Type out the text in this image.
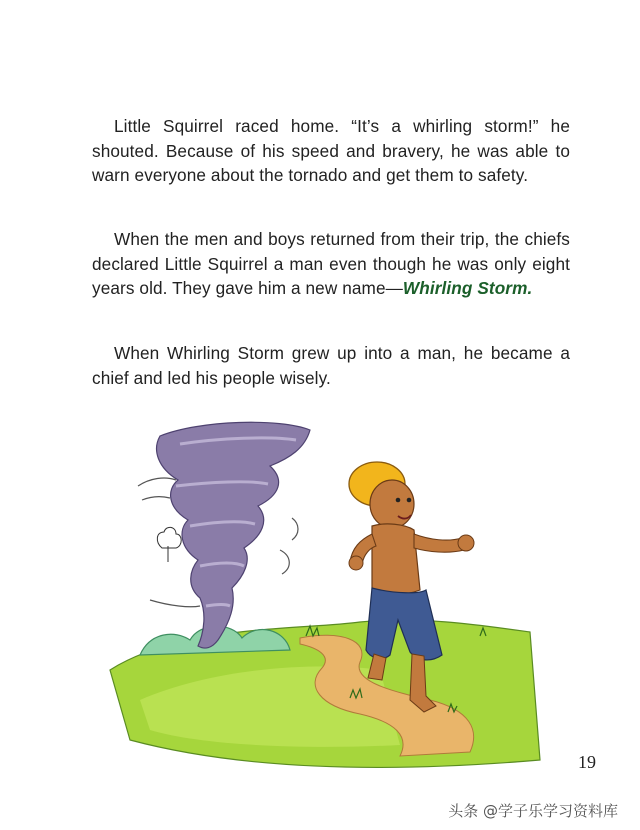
Little Squirrel raced home. “It’s a whirling storm!” he shouted. Because of his speed and bravery, he was able to warn everyone about the tornado and get them to safety.

When the men and boys returned from their trip, the chiefs declared Little Squirrel a man even though he was only eight years old. They gave him a new name—Whirling Storm.

When Whirling Storm grew up into a man, he became a chief and led his people wisely.

19
头条 @学子乐学习资料库
